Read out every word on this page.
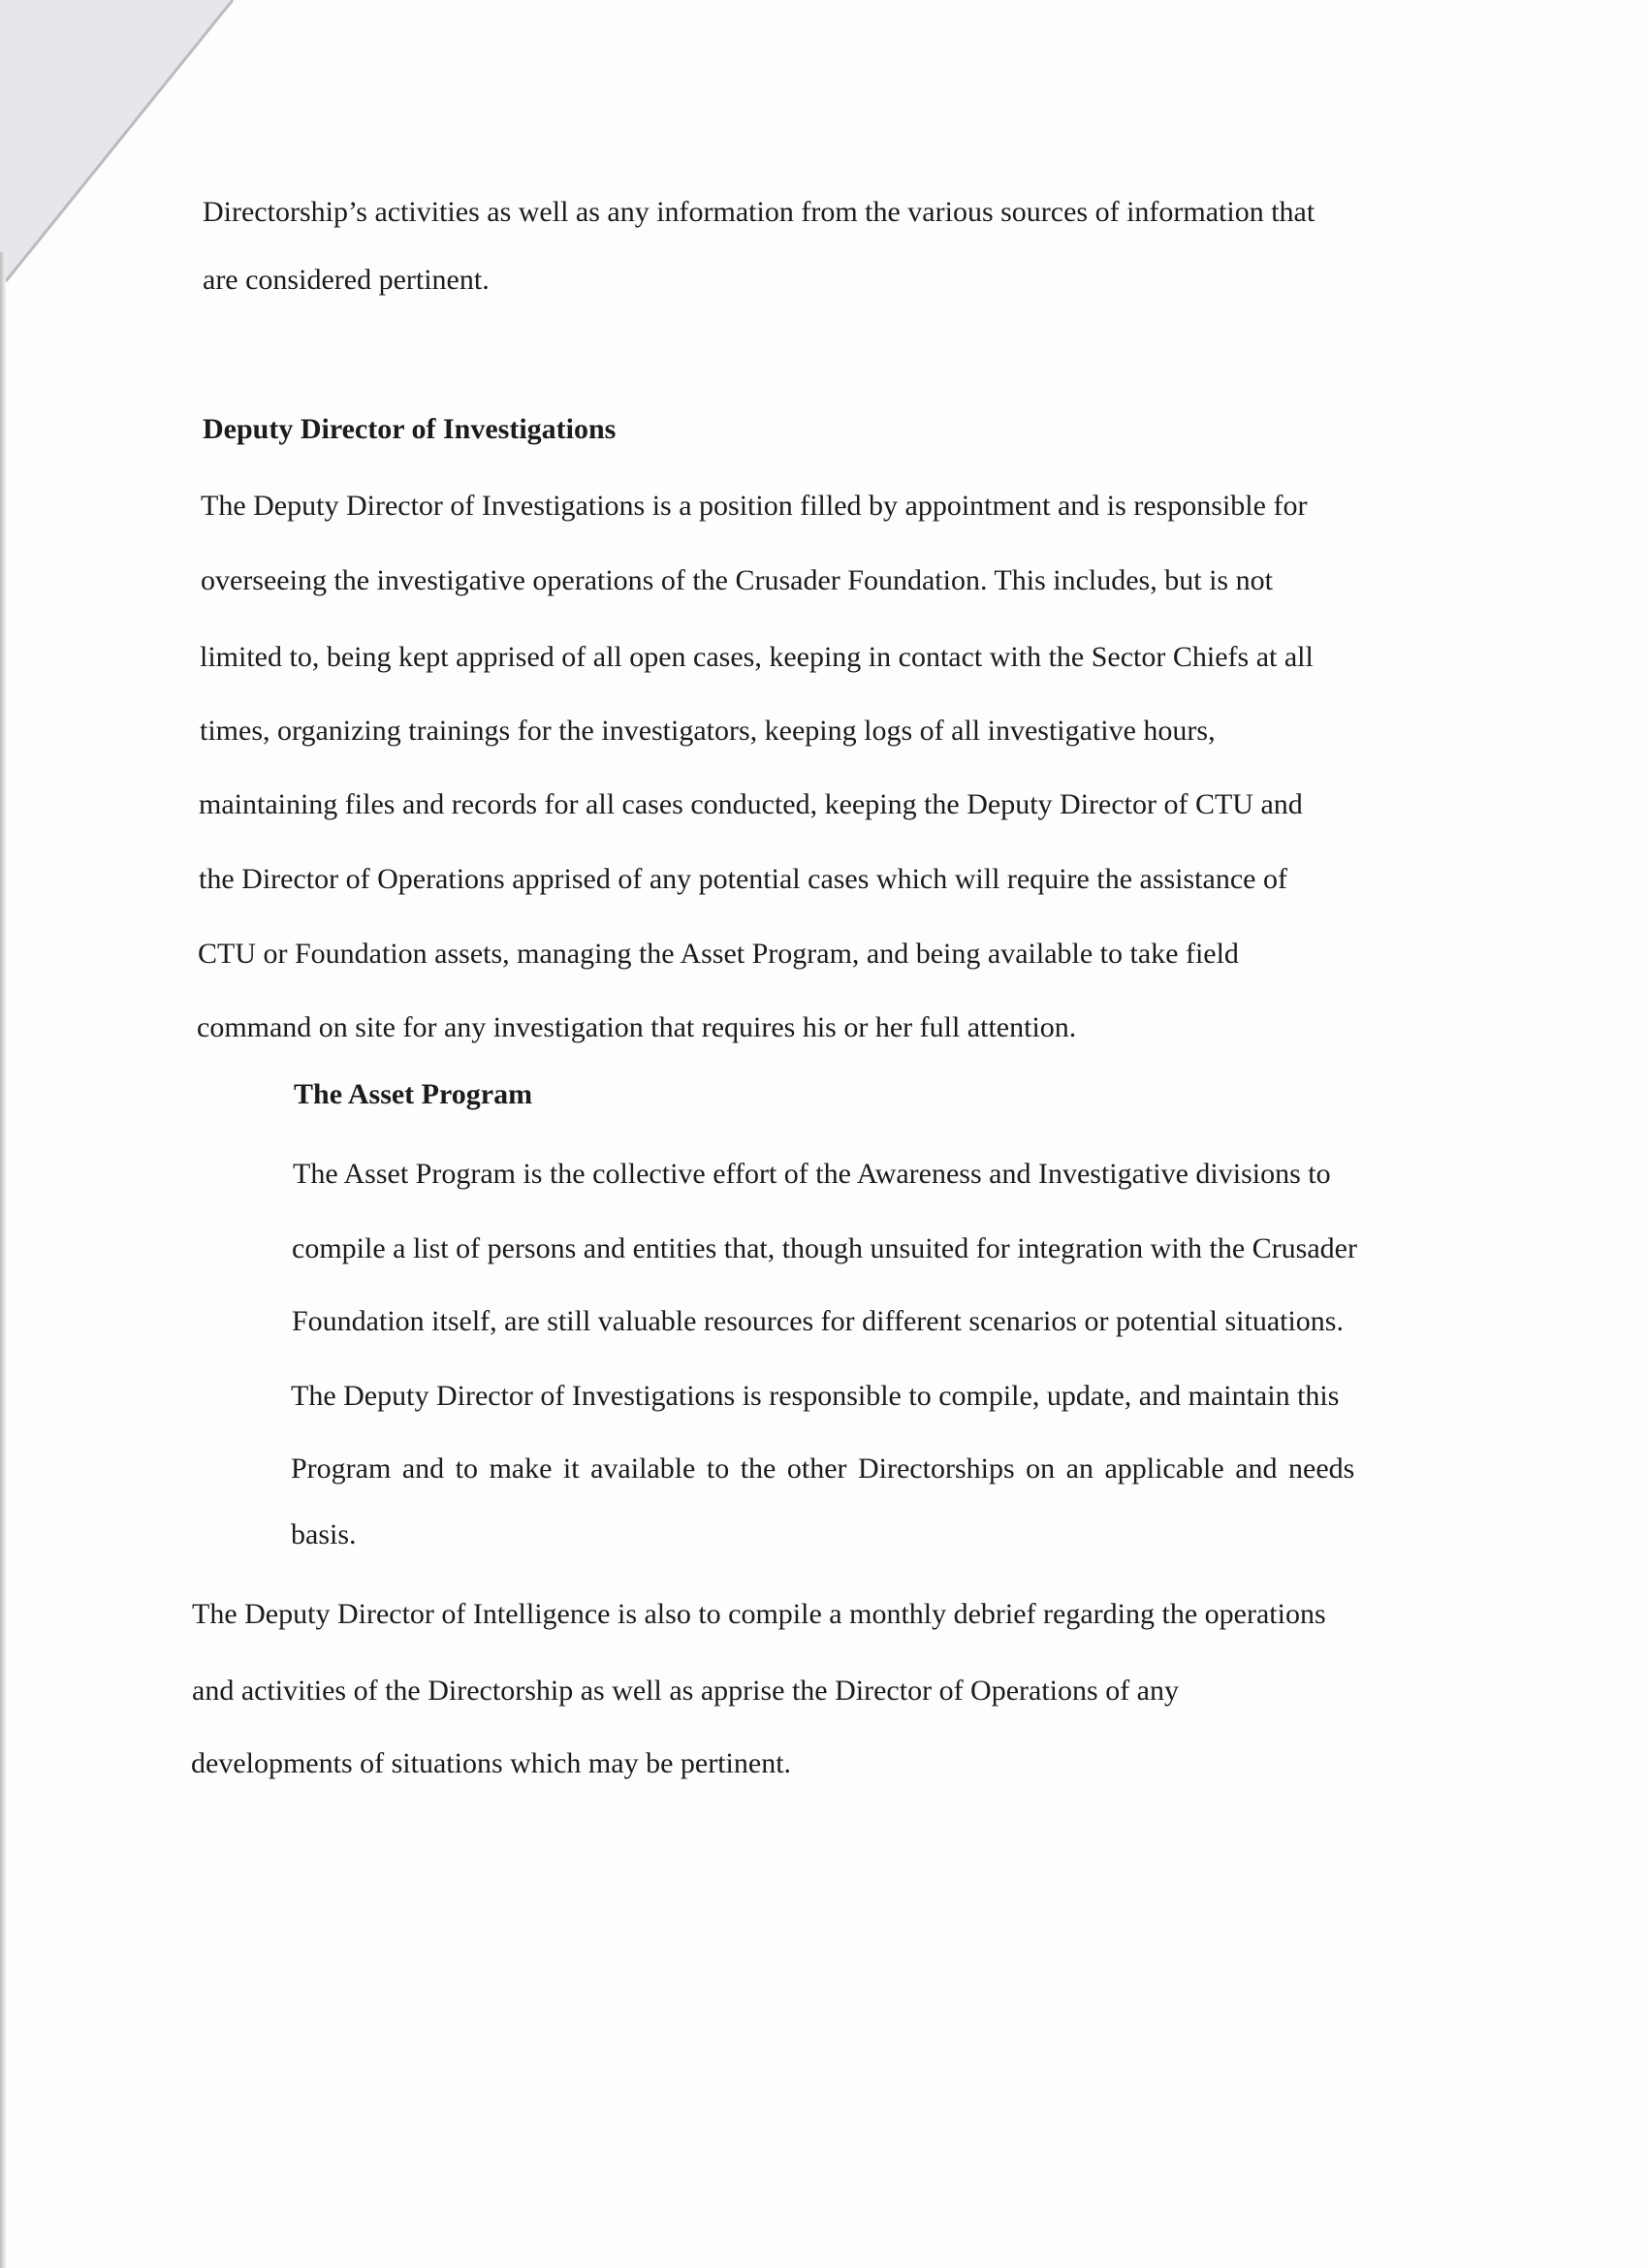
Directorship’s activities as well as any information from the various sources of information that
are considered pertinent.
Deputy Director of Investigations
The Deputy Director of Investigations is a position filled by appointment and is responsible for
overseeing the investigative operations of the Crusader Foundation. This includes, but is not
limited to, being kept apprised of all open cases, keeping in contact with the Sector Chiefs at all
times, organizing trainings for the investigators, keeping logs of all investigative hours,
maintaining files and records for all cases conducted, keeping the Deputy Director of CTU and
the Director of Operations apprised of any potential cases which will require the assistance of
CTU or Foundation assets, managing the Asset Program, and being available to take field
command on site for any investigation that requires his or her full attention.
The Asset Program
The Asset Program is the collective effort of the Awareness and Investigative divisions to
compile a list of persons and entities that, though unsuited for integration with the Crusader
Foundation itself, are still valuable resources for different scenarios or potential situations.
The Deputy Director of Investigations is responsible to compile, update, and maintain this
Program and to make it available to the other Directorships on an applicable and needs
basis.
The Deputy Director of Intelligence is also to compile a monthly debrief regarding the operations
and activities of the Directorship as well as apprise the Director of Operations of any
developments of situations which may be pertinent.
